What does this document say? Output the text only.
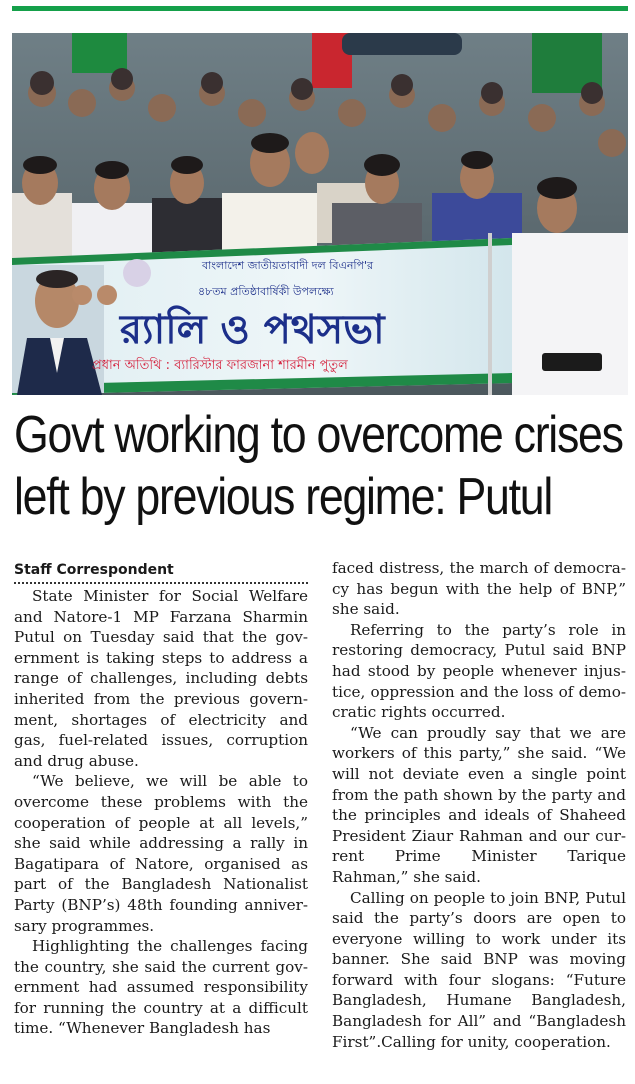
বাংলাদেশ জাতীয়তাবাদী দল বিএনপি'র
৪৮তম প্রতিষ্ঠাবার্ষিকী উপলক্ষ্যে
র‍্যালি ও পথসভা
প্রধান অতিথি : ব্যারিস্টার ফারজানা শারমীন পুতুল
Govt working to overcome crises
left by previous regime: Putul
Staff Correspondent

State Minister for Social Welfare and Natore-1 MP Farzana Sharmin Putul on Tuesday said that the government is taking steps to address a range of challenges, including debts inherited from the previous government, shortages of electricity and gas, fuel-related issues, corruption and drug abuse.

“We believe, we will be able to overcome these problems with the cooperation of people at all levels,” she said while addressing a rally in Bagatipara of Natore, organised as part of the Bangladesh Nationalist Party (BNP’s) 48th founding anniversary programmes.

Highlighting the challenges facing the country, she said the current government had assumed responsibility for running the country at a difficult time. “Whenever Bangladesh has

faced distress, the march of democracy has begun with the help of BNP,” she said.

Referring to the party’s role in restoring democracy, Putul said BNP had stood by people whenever injustice, oppression and the loss of democratic rights occurred.

“We can proudly say that we are workers of this party,” she said. “We will not deviate even a single point from the path shown by the party and the principles and ideals of Shaheed President Ziaur Rahman and our current Prime Minister Tarique Rahman,” she said.

Calling on people to join BNP, Putul said the party’s doors are open to everyone willing to work under its banner. She said BNP was moving forward with four slogans: “Future Bangladesh, Humane Bangladesh, Bangladesh for All” and “Bangladesh First”.Calling for unity, cooperation.
